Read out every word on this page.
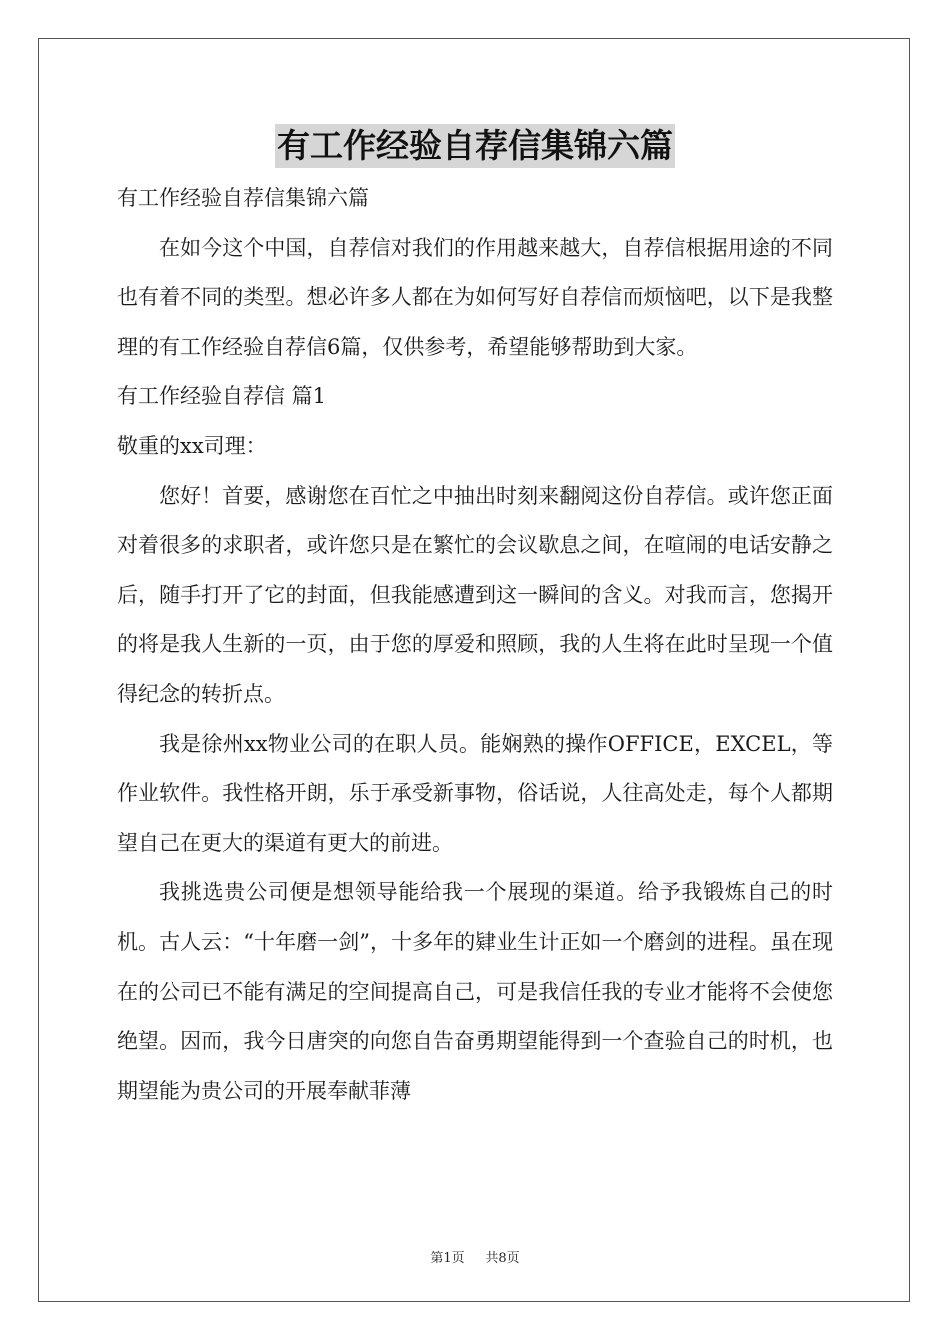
有工作经验自荐信集锦六篇
有工作经验自荐信集锦六篇
在如今这个中国，自荐信对我们的作用越来越大，自荐信根据用途的不同也有着不同的类型。想必许多人都在为如何写好自荐信而烦恼吧，以下是我整理的有工作经验自荐信6篇，仅供参考，希望能够帮助到大家。
有工作经验自荐信 篇1
敬重的xx司理：
您好！首要，感谢您在百忙之中抽出时刻来翻阅这份自荐信。或许您正面对着很多的求职者，或许您只是在繁忙的会议歇息之间，在喧闹的电话安静之后，随手打开了它的封面，但我能感遭到这一瞬间的含义。对我而言，您揭开的将是我人生新的一页，由于您的厚爱和照顾，我的人生将在此时呈现一个值得纪念的转折点。
我是徐州xx物业公司的在职人员。能娴熟的操作OFFICE，EXCEL，等作业软件。我性格开朗，乐于承受新事物，俗话说，人往高处走，每个人都期望自己在更大的渠道有更大的前进。
我挑选贵公司便是想领导能给我一个展现的渠道。给予我锻炼自己的时机。古人云：“十年磨一剑”，十多年的肄业生计正如一个磨剑的进程。虽在现在的公司已不能有满足的空间提高自己，可是我信任我的专业才能将不会使您绝望。因而，我今日唐突的向您自告奋勇期望能得到一个查验自己的时机，也期望能为贵公司的开展奉献菲薄
第1页 共8页
